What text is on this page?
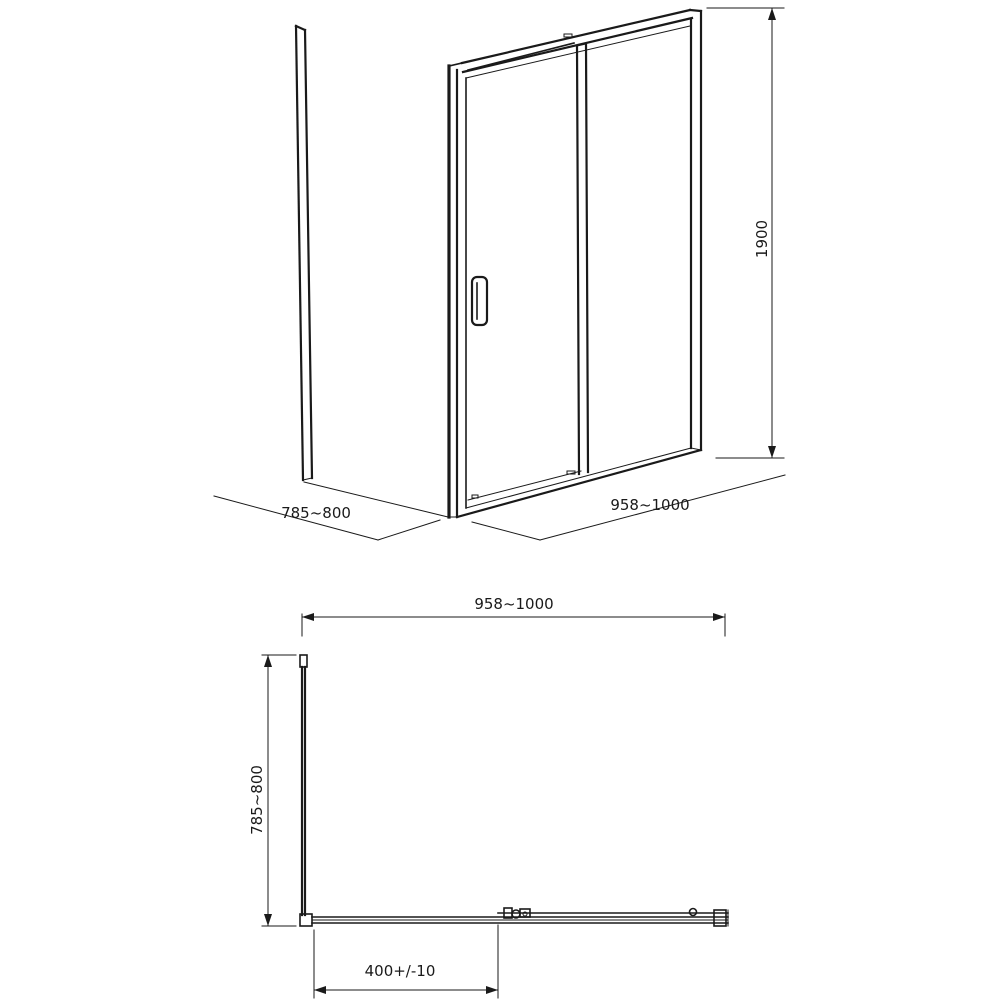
1900
785~800	958~1000
958~1000
785~800
400+/-10
